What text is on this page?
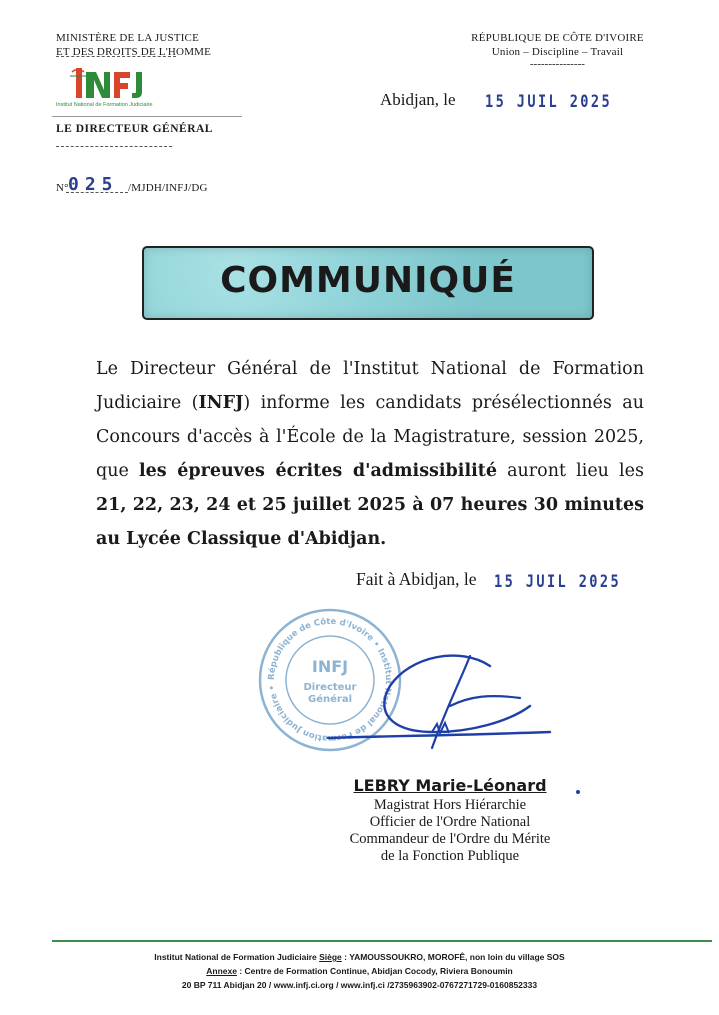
MINISTÈRE DE LA JUSTICE
ET DES DROITS DE L'HOMME
Institut National de Formation Judiciaire
LE DIRECTEUR GÉNÉRAL
RÉPUBLIQUE DE CÔTE D'IVOIRE
Union – Discipline – Travail
---------------
Abidjan, le 15 JUIL 2025
N° 025 /MJDH/INFJ/DG
COMMUNIQUÉ
Le Directeur Général de l'Institut National de Formation Judiciaire (INFJ) informe les candidats présélectionnés au Concours d'accès à l'École de la Magistrature, session 2025, que les épreuves écrites d'admissibilité auront lieu les 21, 22, 23, 24 et 25 juillet 2025 à 07 heures 30 minutes au Lycée Classique d'Abidjan.
Fait à Abidjan, le 15 JUIL 2025
République de Côte d'Ivoire • Institut National de Formation Judiciaire •
INFJ
Directeur
Général
LEBRY Marie-Léonard
Magistrat Hors Hiérarchie
Officier de l'Ordre National
Commandeur de l'Ordre du Mérite
de la Fonction Publique
Institut National de Formation Judiciaire Siège : YAMOUSSOUKRO, MOROFÊ, non loin du village SOS
Annexe : Centre de Formation Continue, Abidjan Cocody, Riviera Bonoumin
20 BP 711 Abidjan 20 / www.infj.ci.org / www.infj.ci /2735963902-0767271729-0160852333
